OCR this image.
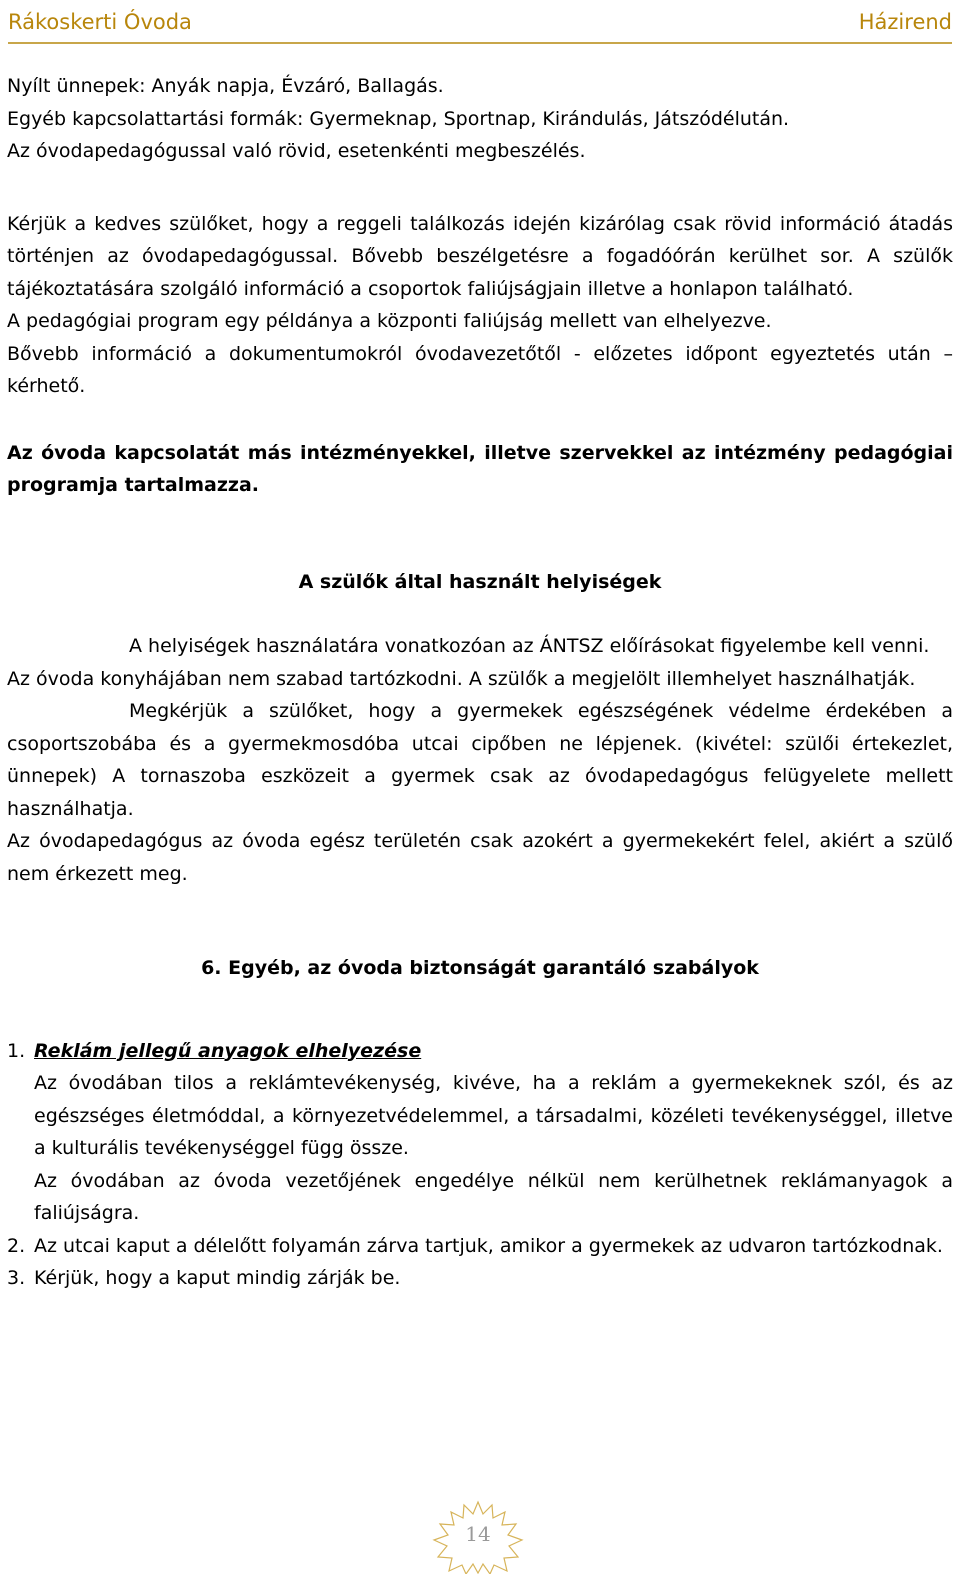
Rákoskerti Óvoda	Házirend

Nyílt ünnepek: Anyák napja, Évzáró, Ballagás.

Egyéb kapcsolattartási formák: Gyermeknap, Sportnap, Kirándulás, Játszódélután.

Az óvodapedagógussal való rövid, esetenkénti megbeszélés.

Kérjük a kedves szülőket, hogy a reggeli találkozás idején kizárólag csak rövid információ átadás történjen az óvodapedagógussal. Bővebb beszélgetésre a fogadóórán kerülhet sor. A szülők tájékoztatására szolgáló információ a csoportok faliújságjain illetve a honlapon található.

A pedagógiai program egy példánya a központi faliújság mellett van elhelyezve.

Bővebb információ a dokumentumokról óvodavezetőtől - előzetes időpont egyeztetés után – kérhető.

Az óvoda kapcsolatát más intézményekkel, illetve szervekkel az intézmény pedagógiai programja tartalmazza.

A szülők által használt helyiségek

A helyiségek használatára vonatkozóan az ÁNTSZ előírásokat figyelembe kell venni.

Az óvoda konyhájában nem szabad tartózkodni. A szülők a megjelölt illemhelyet használhatják.

Megkérjük a szülőket, hogy a gyermekek egészségének védelme érdekében a csoportszobába és a gyermekmosdóba utcai cipőben ne lépjenek. (kivétel: szülői értekezlet, ünnepek) A tornaszoba eszközeit a gyermek csak az óvodapedagógus felügyelete mellett használhatja.

Az óvodapedagógus az óvoda egész területén csak azokért a gyermekekért felel, akiért a szülő nem érkezett meg.

6. Egyéb, az óvoda biztonságát garantáló szabályok

1. Reklám jellegű anyagok elhelyezése

Az óvodában tilos a reklámtevékenység, kivéve, ha a reklám a gyermekeknek szól, és az egészséges életmóddal, a környezetvédelemmel, a társadalmi, közéleti tevékenységgel, illetve a kulturális tevékenységgel függ össze.

Az óvodában az óvoda vezetőjének engedélye nélkül nem kerülhetnek reklámanyagok a faliújságra.

2. Az utcai kaput a délelőtt folyamán zárva tartjuk, amikor a gyermekek az udvaron tartózkodnak.

3. Kérjük, hogy a kaput mindig zárják be.

14
